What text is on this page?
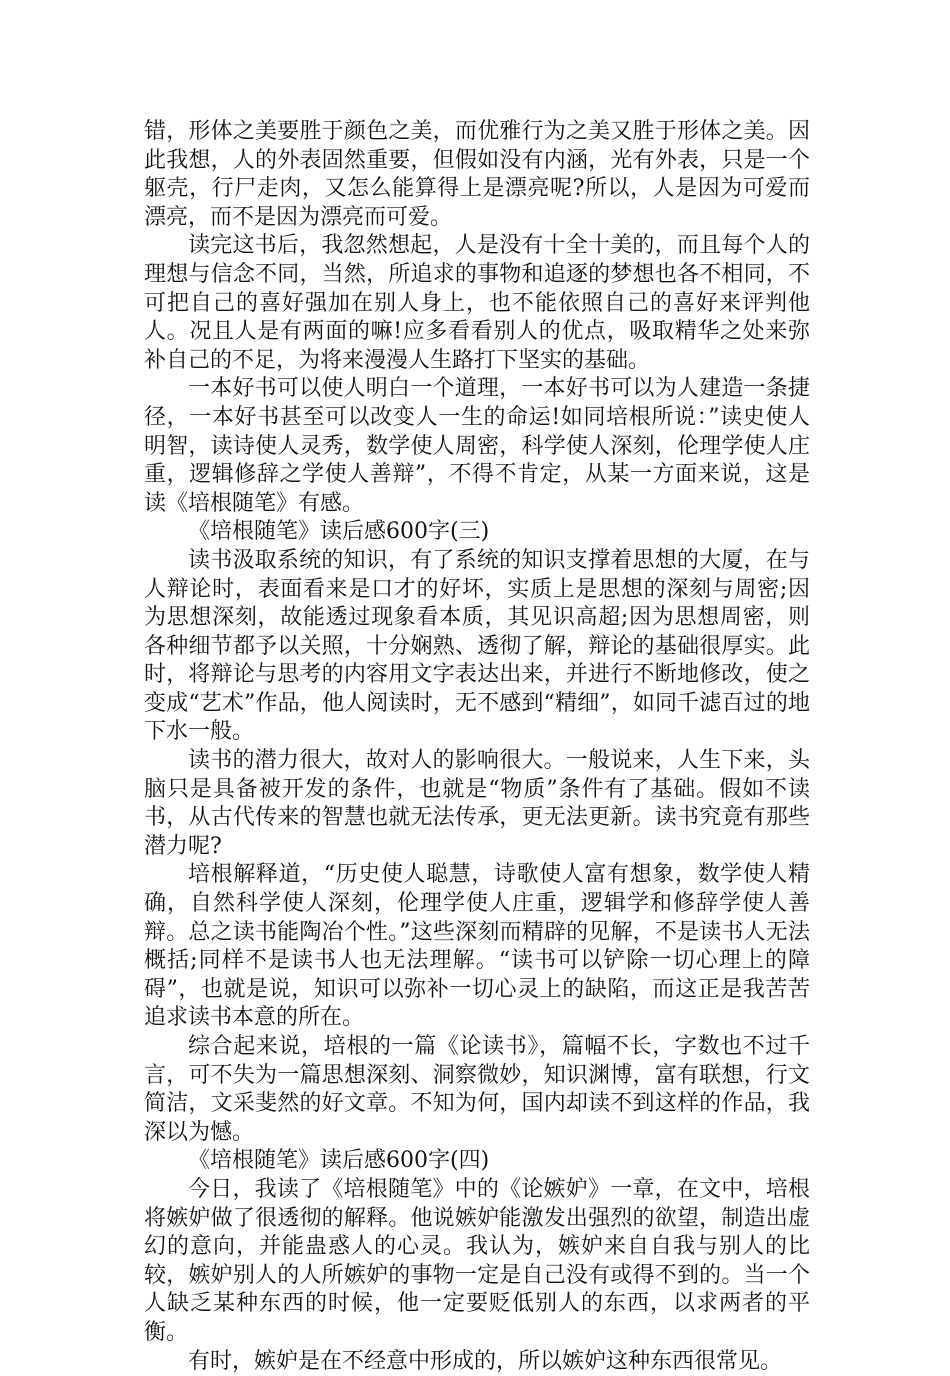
错，形体之美要胜于颜色之美，而优雅行为之美又胜于形体之美。因此我想，人的外表固然重要，但假如没有内涵，光有外表，只是一个躯壳，行尸走肉，又怎么能算得上是漂亮呢?所以，人是因为可爱而漂亮，而不是因为漂亮而可爱。

读完这书后，我忽然想起，人是没有十全十美的，而且每个人的理想与信念不同，当然，所追求的事物和追逐的梦想也各不相同，不可把自己的喜好强加在别人身上，也不能依照自己的喜好来评判他人。况且人是有两面的嘛!应多看看别人的优点，吸取精华之处来弥补自己的不足，为将来漫漫人生路打下坚实的基础。

一本好书可以使人明白一个道理，一本好书可以为人建造一条捷径，一本好书甚至可以改变人一生的命运!如同培根所说：”读史使人明智，读诗使人灵秀，数学使人周密，科学使人深刻，伦理学使人庄重，逻辑修辞之学使人善辩”，不得不肯定，从某一方面来说，这是读《培根随笔》有感。

《培根随笔》读后感600字(三)

读书汲取系统的知识，有了系统的知识支撑着思想的大厦，在与人辩论时，表面看来是口才的好坏，实质上是思想的深刻与周密;因为思想深刻，故能透过现象看本质，其见识高超;因为思想周密，则各种细节都予以关照，十分娴熟、透彻了解，辩论的基础很厚实。此时，将辩论与思考的内容用文字表达出来，并进行不断地修改，使之变成“艺术”作品，他人阅读时，无不感到“精细”，如同千滤百过的地下水一般。

读书的潜力很大，故对人的影响很大。一般说来，人生下来，头脑只是具备被开发的条件，也就是“物质”条件有了基础。假如不读书，从古代传来的智慧也就无法传承，更无法更新。读书究竟有那些潜力呢?

培根解释道，“历史使人聪慧，诗歌使人富有想象，数学使人精确，自然科学使人深刻，伦理学使人庄重，逻辑学和修辞学使人善辩。总之读书能陶冶个性。”这些深刻而精辟的见解，不是读书人无法概括;同样不是读书人也无法理解。“读书可以铲除一切心理上的障碍”，也就是说，知识可以弥补一切心灵上的缺陷，而这正是我苦苦追求读书本意的所在。

综合起来说，培根的一篇《论读书》，篇幅不长，字数也不过千言，可不失为一篇思想深刻、洞察微妙，知识渊博，富有联想，行文简洁，文采斐然的好文章。不知为何，国内却读不到这样的作品，我深以为憾。

《培根随笔》读后感600字(四)

今日，我读了《培根随笔》中的《论嫉妒》一章，在文中，培根将嫉妒做了很透彻的解释。他说嫉妒能激发出强烈的欲望，制造出虚幻的意向，并能蛊惑人的心灵。我认为，嫉妒来自自我与别人的比较，嫉妒别人的人所嫉妒的事物一定是自己没有或得不到的。当一个人缺乏某种东西的时候，他一定要贬低别人的东西，以求两者的平衡。

有时，嫉妒是在不经意中形成的，所以嫉妒这种东西很常见。
